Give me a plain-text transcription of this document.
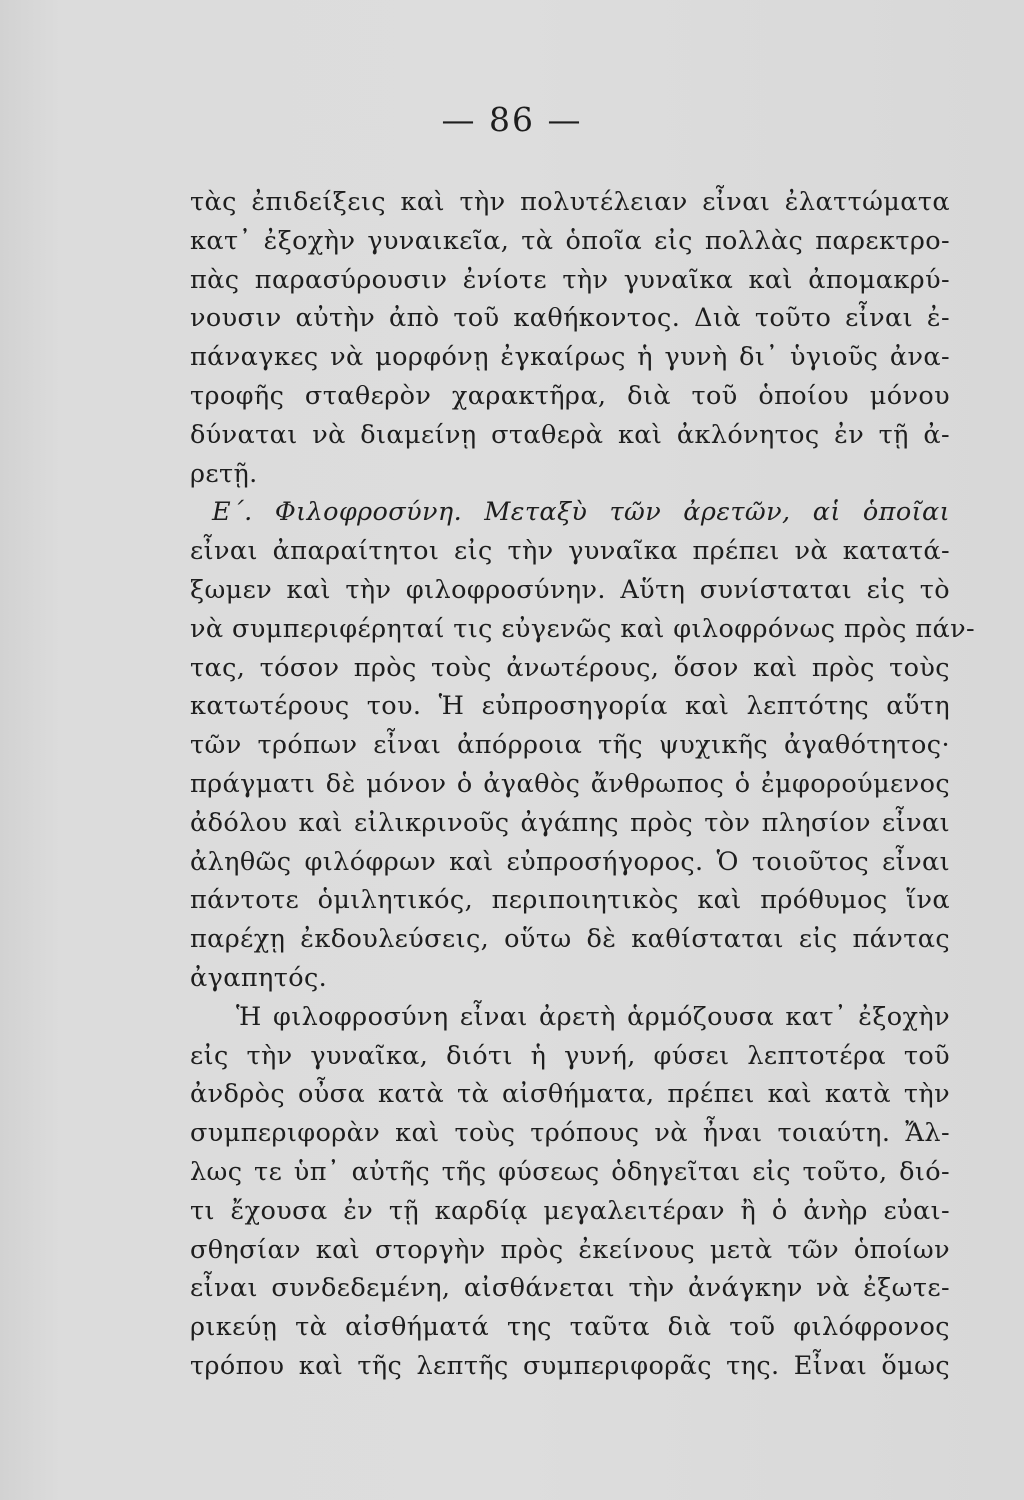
— 86 —
τὰς ἐπιδείξεις καὶ τὴν πολυτέλειαν εἶναι ἐλαττώματα
κατ᾽ ἐξοχὴν γυναικεῖα, τὰ ὁποῖα εἰς πολλὰς παρεκτρο-
πὰς παρασύρουσιν ἐνίοτε τὴν γυναῖκα καὶ ἀπομακρύ-
νουσιν αὐτὴν ἀπὸ τοῦ καθήκοντος. Διὰ τοῦτο εἶναι ἐ-
πάναγκες νὰ μορφόνῃ ἐγκαίρως ἡ γυνὴ δι᾽ ὑγιοῦς ἀνα-
τροφῆς σταθερὸν χαρακτῆρα, διὰ τοῦ ὁποίου μόνου
δύναται νὰ διαμείνῃ σταθερὰ καὶ ἀκλόνητος ἐν τῇ ἀ-
ρετῇ.
Ε΄. Φιλοφροσύνη. Μεταξὺ τῶν ἀρετῶν, αἱ ὁποῖαι
εἶναι ἀπαραίτητοι εἰς τὴν γυναῖκα πρέπει νὰ κατατά-
ξωμεν καὶ τὴν φιλοφροσύνην. Αὕτη συνίσταται εἰς τὸ
νὰ συμπεριφέρηταί τις εὐγενῶς καὶ φιλοφρόνως πρὸς πάν-
τας, τόσον πρὸς τοὺς ἀνωτέρους, ὅσον καὶ πρὸς τοὺς
κατωτέρους του. Ἡ εὐπροσηγορία καὶ λεπτότης αὕτη
τῶν τρόπων εἶναι ἀπόρροια τῆς ψυχικῆς ἀγαθότητος·
πράγματι δὲ μόνον ὁ ἀγαθὸς ἄνθρωπος ὁ ἐμφορούμενος
ἀδόλου καὶ εἰλικρινοῦς ἀγάπης πρὸς τὸν πλησίον εἶναι
ἀληθῶς φιλόφρων καὶ εὐπροσήγορος. Ὁ τοιοῦτος εἶναι
πάντοτε ὁμιλητικός, περιποιητικὸς καὶ πρόθυμος ἵνα
παρέχῃ ἐκδουλεύσεις, οὕτω δὲ καθίσταται εἰς πάντας
ἀγαπητός.
Ἡ φιλοφροσύνη εἶναι ἀρετὴ ἁρμόζουσα κατ᾽ ἐξοχὴν
εἰς τὴν γυναῖκα, διότι ἡ γυνή, φύσει λεπτοτέρα τοῦ
ἀνδρὸς οὖσα κατὰ τὰ αἰσθήματα, πρέπει καὶ κατὰ τὴν
συμπεριφορὰν καὶ τοὺς τρόπους νὰ ἦναι τοιαύτη. Ἄλ-
λως τε ὑπ᾽ αὐτῆς τῆς φύσεως ὁδηγεῖται εἰς τοῦτο, διό-
τι ἔχουσα ἐν τῇ καρδίᾳ μεγαλειτέραν ἢ ὁ ἀνὴρ εὐαι-
σθησίαν καὶ στοργὴν πρὸς ἐκείνους μετὰ τῶν ὁποίων
εἶναι συνδεδεμένη, αἰσθάνεται τὴν ἀνάγκην νὰ ἐξωτε-
ρικεύῃ τὰ αἰσθήματά της ταῦτα διὰ τοῦ φιλόφρονος
τρόπου καὶ τῆς λεπτῆς συμπεριφορᾶς της. Εἶναι ὅμως
